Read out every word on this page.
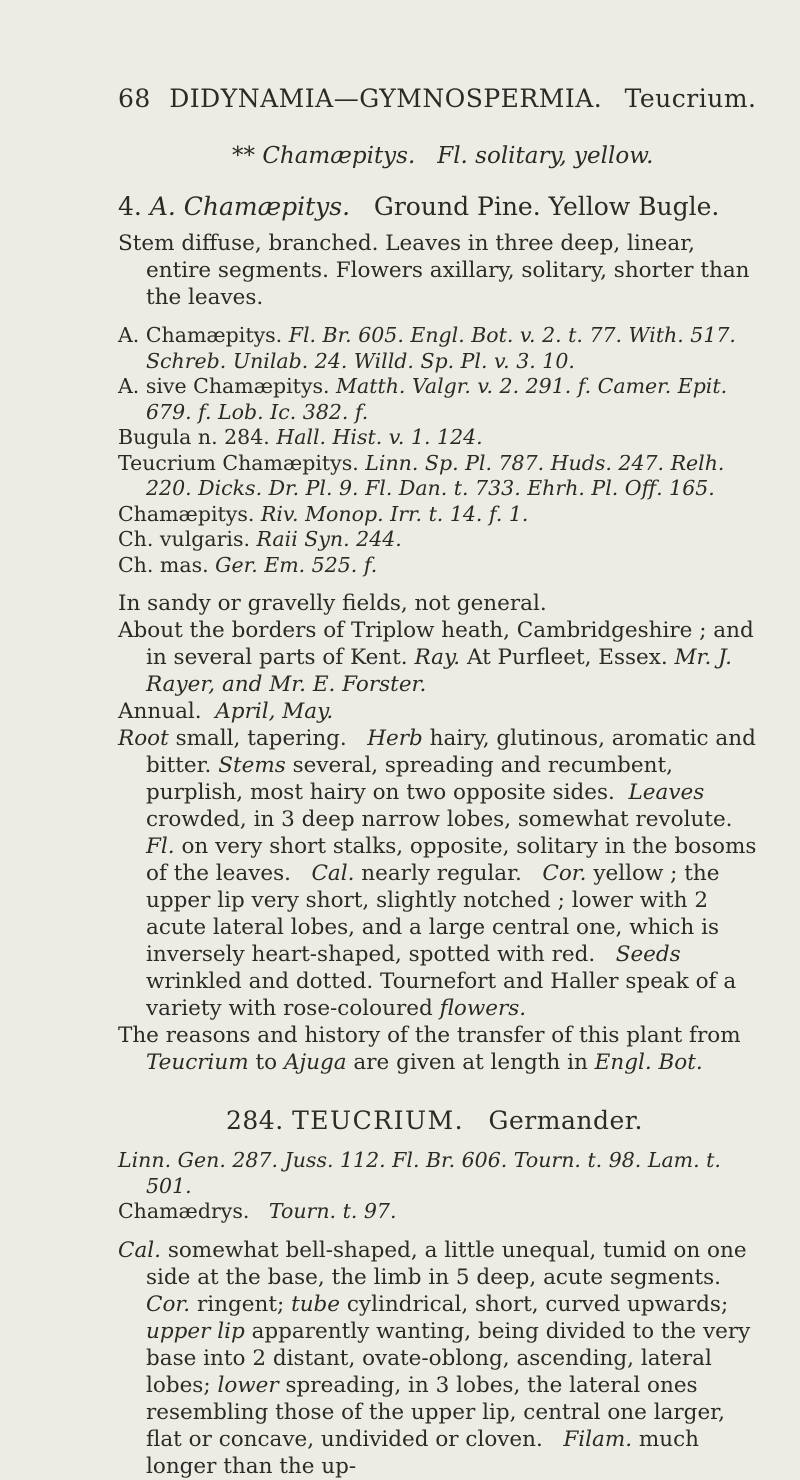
68 DIDYNAMIA—GYMNOSPERMIA. Teucrium.
** Chamæpitys. Fl. solitary, yellow.
4. A. Chamæpitys. Ground Pine. Yellow Bugle.

Stem diffuse, branched. Leaves in three deep, linear, entire segments. Flowers axillary, solitary, shorter than the leaves.

A. Chamæpitys. Fl. Br. 605. Engl. Bot. v. 2. t. 77. With. 517. Schreb. Unilab. 24. Willd. Sp. Pl. v. 3. 10.

A. sive Chamæpitys. Matth. Valgr. v. 2. 291. f. Camer. Epit. 679. f. Lob. Ic. 382. f.

Bugula n. 284. Hall. Hist. v. 1. 124.

Teucrium Chamæpitys. Linn. Sp. Pl. 787. Huds. 247. Relh. 220. Dicks. Dr. Pl. 9. Fl. Dan. t. 733. Ehrh. Pl. Off. 165.

Chamæpitys. Riv. Monop. Irr. t. 14. f. 1.

Ch. vulgaris. Raii Syn. 244.

Ch. mas. Ger. Em. 525. f.

In sandy or gravelly fields, not general.

About the borders of Triplow heath, Cambridgeshire ; and in several parts of Kent. Ray. At Purfleet, Essex. Mr. J. Rayer, and Mr. E. Forster.

Annual. April, May.

Root small, tapering. Herb hairy, glutinous, aromatic and bitter. Stems several, spreading and recumbent, purplish, most hairy on two opposite sides. Leaves crowded, in 3 deep narrow lobes, somewhat revolute.   Fl. on very short stalks, opposite, solitary in the bosoms of the leaves. Cal. nearly regular. Cor. yellow ; the upper lip very short, slightly notched ; lower with 2 acute lateral lobes, and a large central one, which is inversely heart-shaped, spotted with red. Seeds wrinkled and dotted. Tournefort and Haller speak of a variety with rose-coloured flowers.

The reasons and history of the transfer of this plant from Teucrium to Ajuga are given at length in Engl. Bot.

284. TEUCRIUM. Germander.

Linn. Gen. 287. Juss. 112. Fl. Br. 606. Tourn. t. 98. Lam. t. 501.

Chamædrys. Tourn. t. 97.

Cal. somewhat bell-shaped, a little unequal, tumid on one side at the base, the limb in 5 deep, acute segments. Cor. ringent; tube cylindrical, short, curved upwards; upper lip apparently wanting, being divided to the very base into 2 distant, ovate-oblong, ascending, lateral lobes; lower spreading, in 3 lobes, the lateral ones resembling those of the upper lip, central one larger, flat or concave, undivided or cloven. Filam. much longer than the up-
